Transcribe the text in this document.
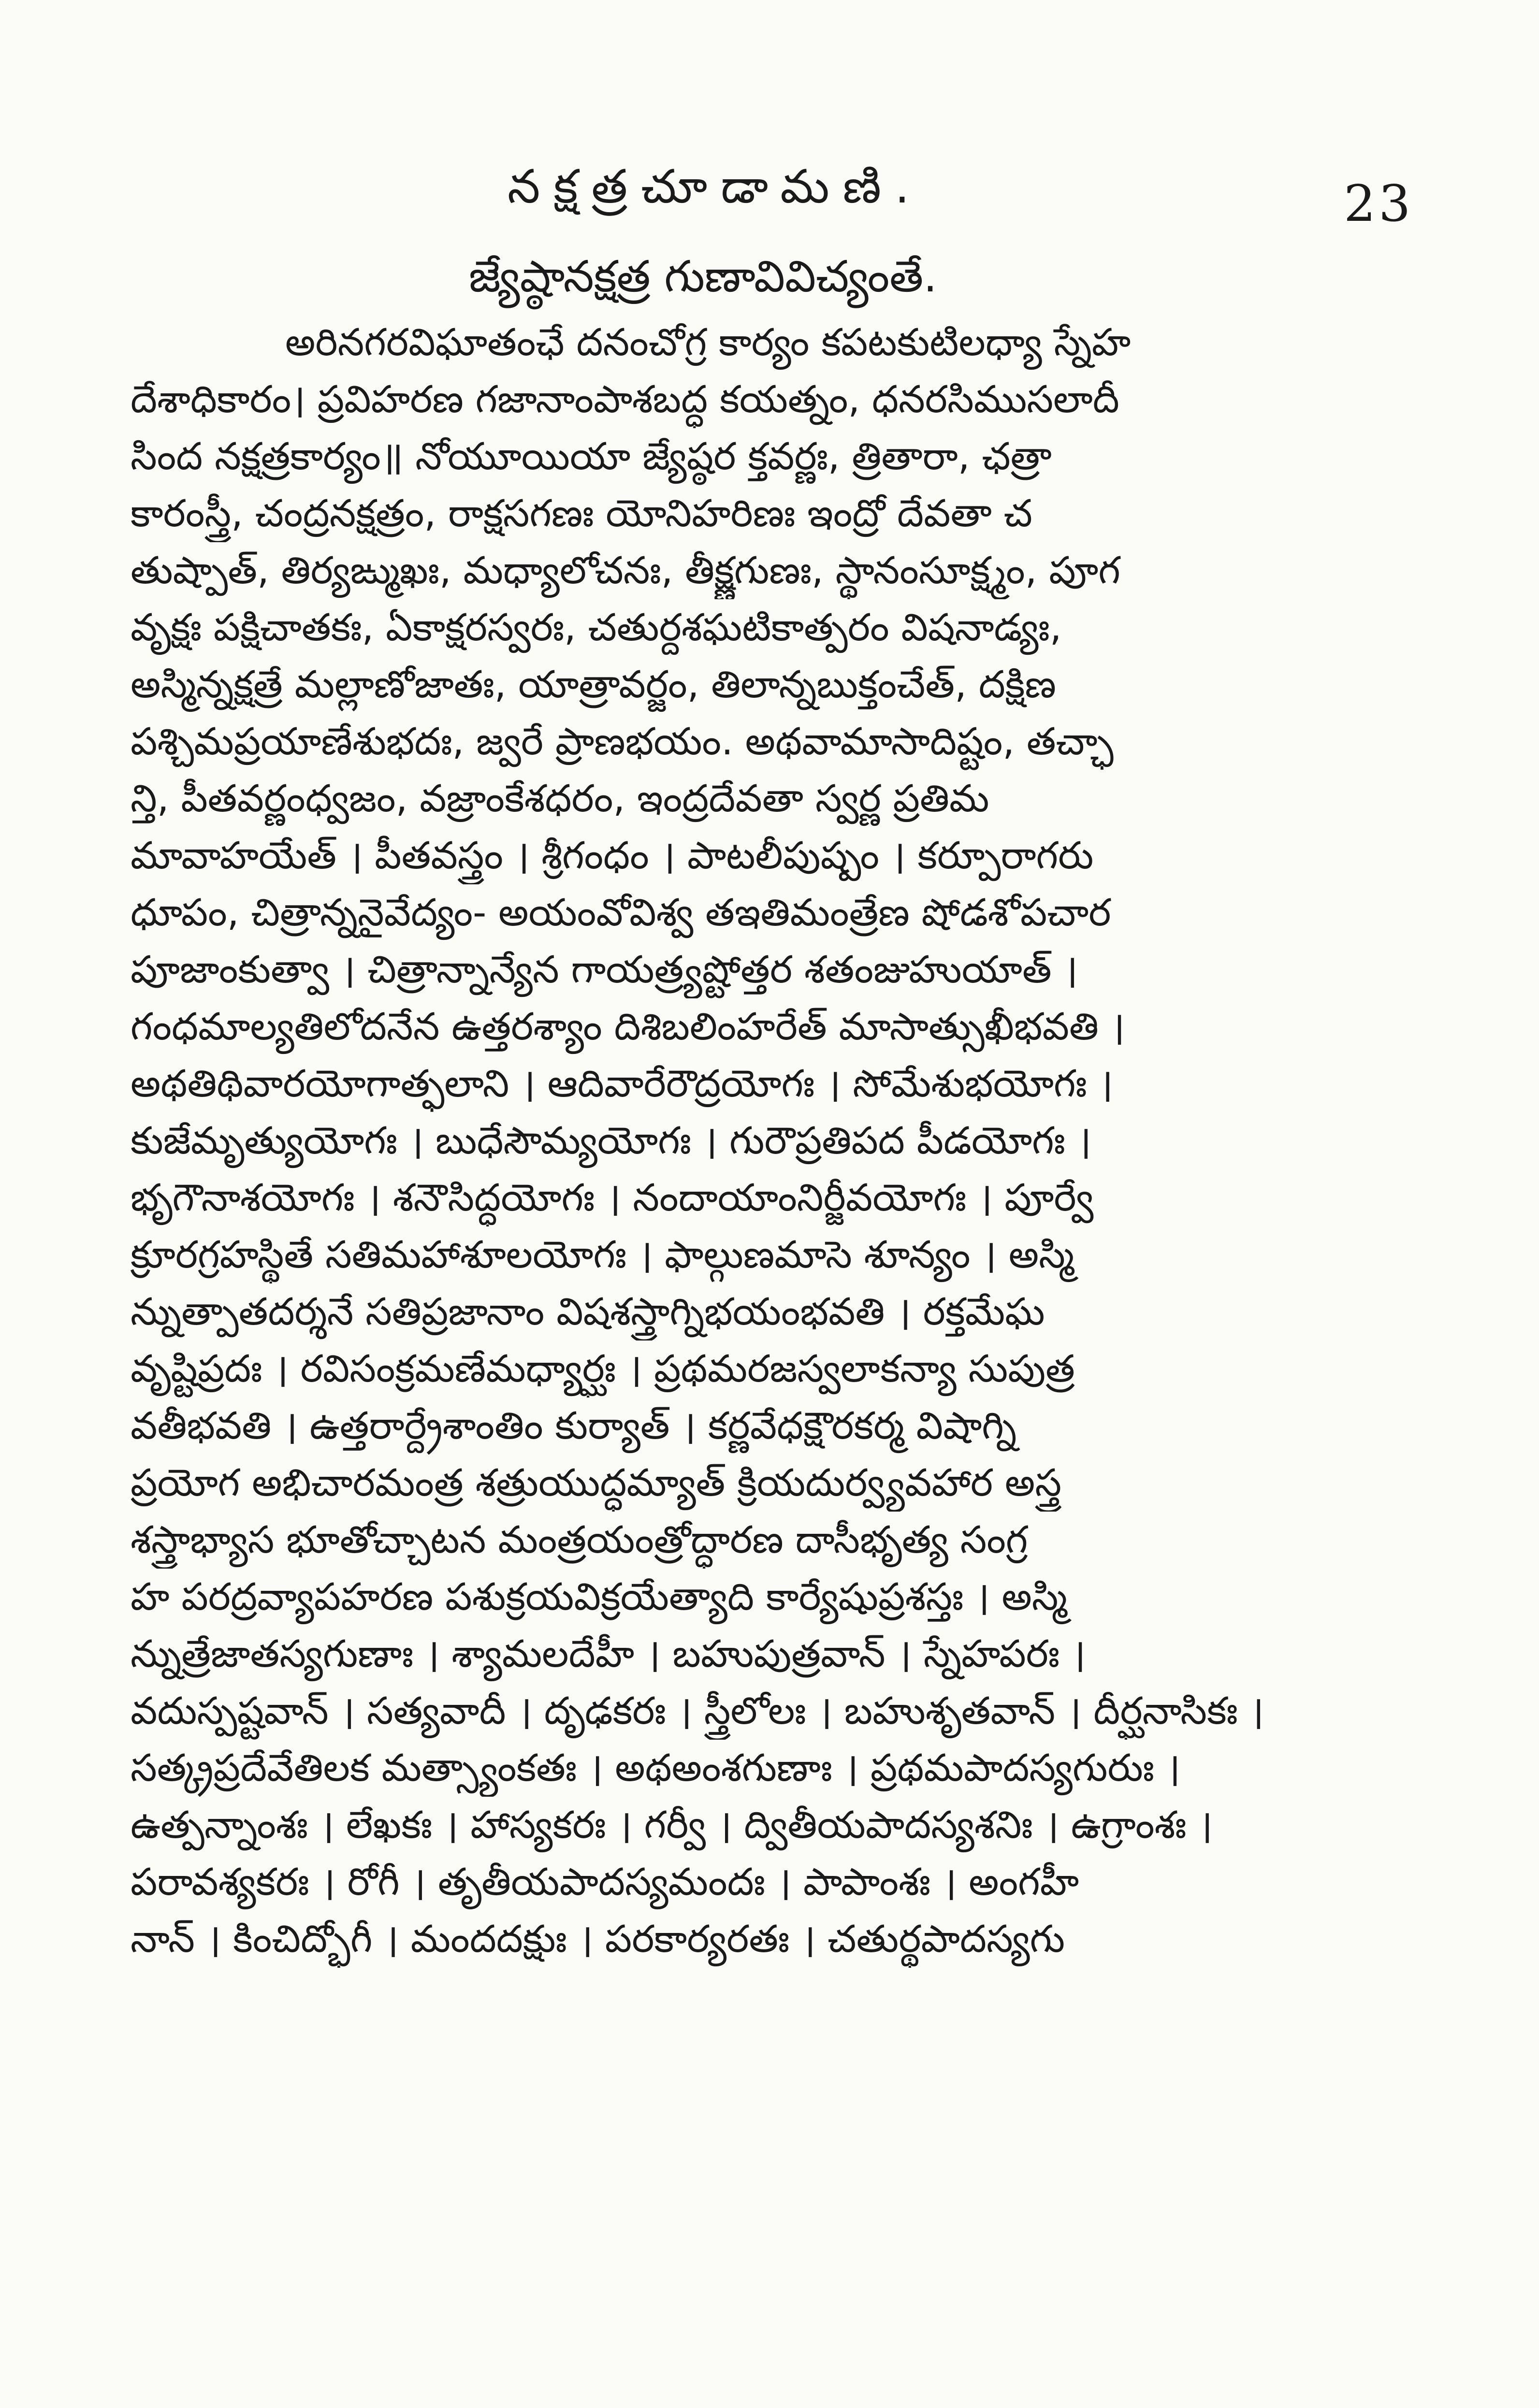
నక్షత్రచూడామణి.	23
జ్యేష్ఠానక్షత్ర గుణావివిచ్యంతే.
అరినగరవిఘాతంఛే దనంచోగ్ర కార్యం కపటకుటిలధ్యా స్నేహ
దేశాధికారం। ప్రవిహరణ గజానాంపాశబద్ధ కయత్నం, ధనరసిముసలాదీ
సింద నక్షత్రకార్యం॥ నోయూయియా జ్యేష్ఠర క్తవర్ణః, త్రితారా, ఛత్రా
కారంస్త్రీ, చంద్రనక్షత్రం, రాక్షసగణః యోనిహరిణః ఇంద్రో దేవతా చ
తుష్పాత్, తిర్యఙ్ముఖః, మధ్యాలోచనః, తీక్ష్ణగుణః, స్థానంసూక్ష్మం, పూగ
వృక్షః పక్షిచాతకః, ఏకాక్షరస్వరః, చతుర్దశఘటికాత్పరం విషనాడ్యః,
అస్మిన్నక్షత్రే మల్లాణోజాతః, యాత్రావర్జం, తిలాన్నబుక్తంచేత్, దక్షిణ
పశ్చిమప్రయాణేశుభదః, జ్వరే ప్రాణభయం. అథవామాసాదిష్టం, తచ్ఛా
న్తి, పీతవర్ణంధ్వజం, వజ్రాంకేశధరం, ఇంద్రదేవతా స్వర్ణ ప్రతిమ
మావాహయేత్ । పీతవస్త్రం । శ్రీగంధం । పాటలీపుష్పం । కర్పూరాగరు
ధూపం, చిత్రాన్ననైవేద్యం- అయంవోవిశ్వ తఇతిమంత్రేణ షోడశోపచార
పూజాంకుత్వా । చిత్రాన్నాన్యేన గాయత్ర్యష్టోత్తర శతంజుహుయాత్ ।
గంధమాల్యతిలోదనేన ఉత్తరశ్యాం దిశిబలింహరేత్ మాసాత్సుఖీభవతి ।
అథతిథివారయోగాత్ఫలాని । ఆదివారేరౌద్రయోగః । సోమేశుభయోగః ।
కుజేమృత్యుయోగః । బుధేసౌమ్యయోగః । గురౌప్రతిపద పీడయోగః ।
భృగౌనాశయోగః । శనౌసిద్ధయోగః । నందాయాంనిర్జీవయోగః । పూర్వే
క్రూరగ్రహస్థితే సతిమహాశూలయోగః । ఫాల్గుణమాసె శూన్యం । అస్మి
న్నుత్పాతదర్శనే సతిప్రజానాం విషశస్త్రాగ్నిభయంభవతి । రక్తమేఘ
వృష్టిప్రదః । రవిసంక్రమణేమధ్యార్ఘః । ప్రథమరజస్వలాకన్యా సుపుత్ర
వతీభవతి । ఉత్తరార్ద్రేశాంతిం కుర్యాత్ । కర్ణవేధక్షౌరకర్మ విషాగ్ని
ప్రయోగ అభిచారమంత్ర శత్రుయుద్ధమ్యాత్ క్రియదుర్వ్యవహార అస్త్ర
శస్త్రాభ్యాస భూతోచ్చాటన మంత్రయంత్రోద్ధారణ దాసీభృత్య సంగ్ర
హ పరద్రవ్యాపహరణ పశుక్రయవిక్రయేత్యాది కార్యేషుప్రశస్తః । అస్మి
న్నుత్రేజాతస్యగుణాః । శ్యామలదేహీ । బహుపుత్రవాన్ । స్నేహపరః ।
వదుస్పష్టవాన్ । సత్యవాదీ । దృఢకరః । స్త్రీలోలః । బహుశృతవాన్ । దీర్ఘనాసికః ।
సత్క్రప్రదేవేతిలక మత్స్యాంకతః । అథఅంశగుణాః । ప్రథమపాదస్యగురుః ।
ఉత్పన్నాంశః । లేఖకః । హాస్యకరః । గర్వీ । ద్వితీయపాదస్యశనిః । ఉగ్రాంశః ।
పరావశ్యకరః । రోగీ । తృతీయపాదస్యమందః । పాపాంశః । అంగహీ
నాన్ । కించిద్భోగీ । మందదక్షుః । పరకార్యరతః । చతుర్థపాదస్యగు
